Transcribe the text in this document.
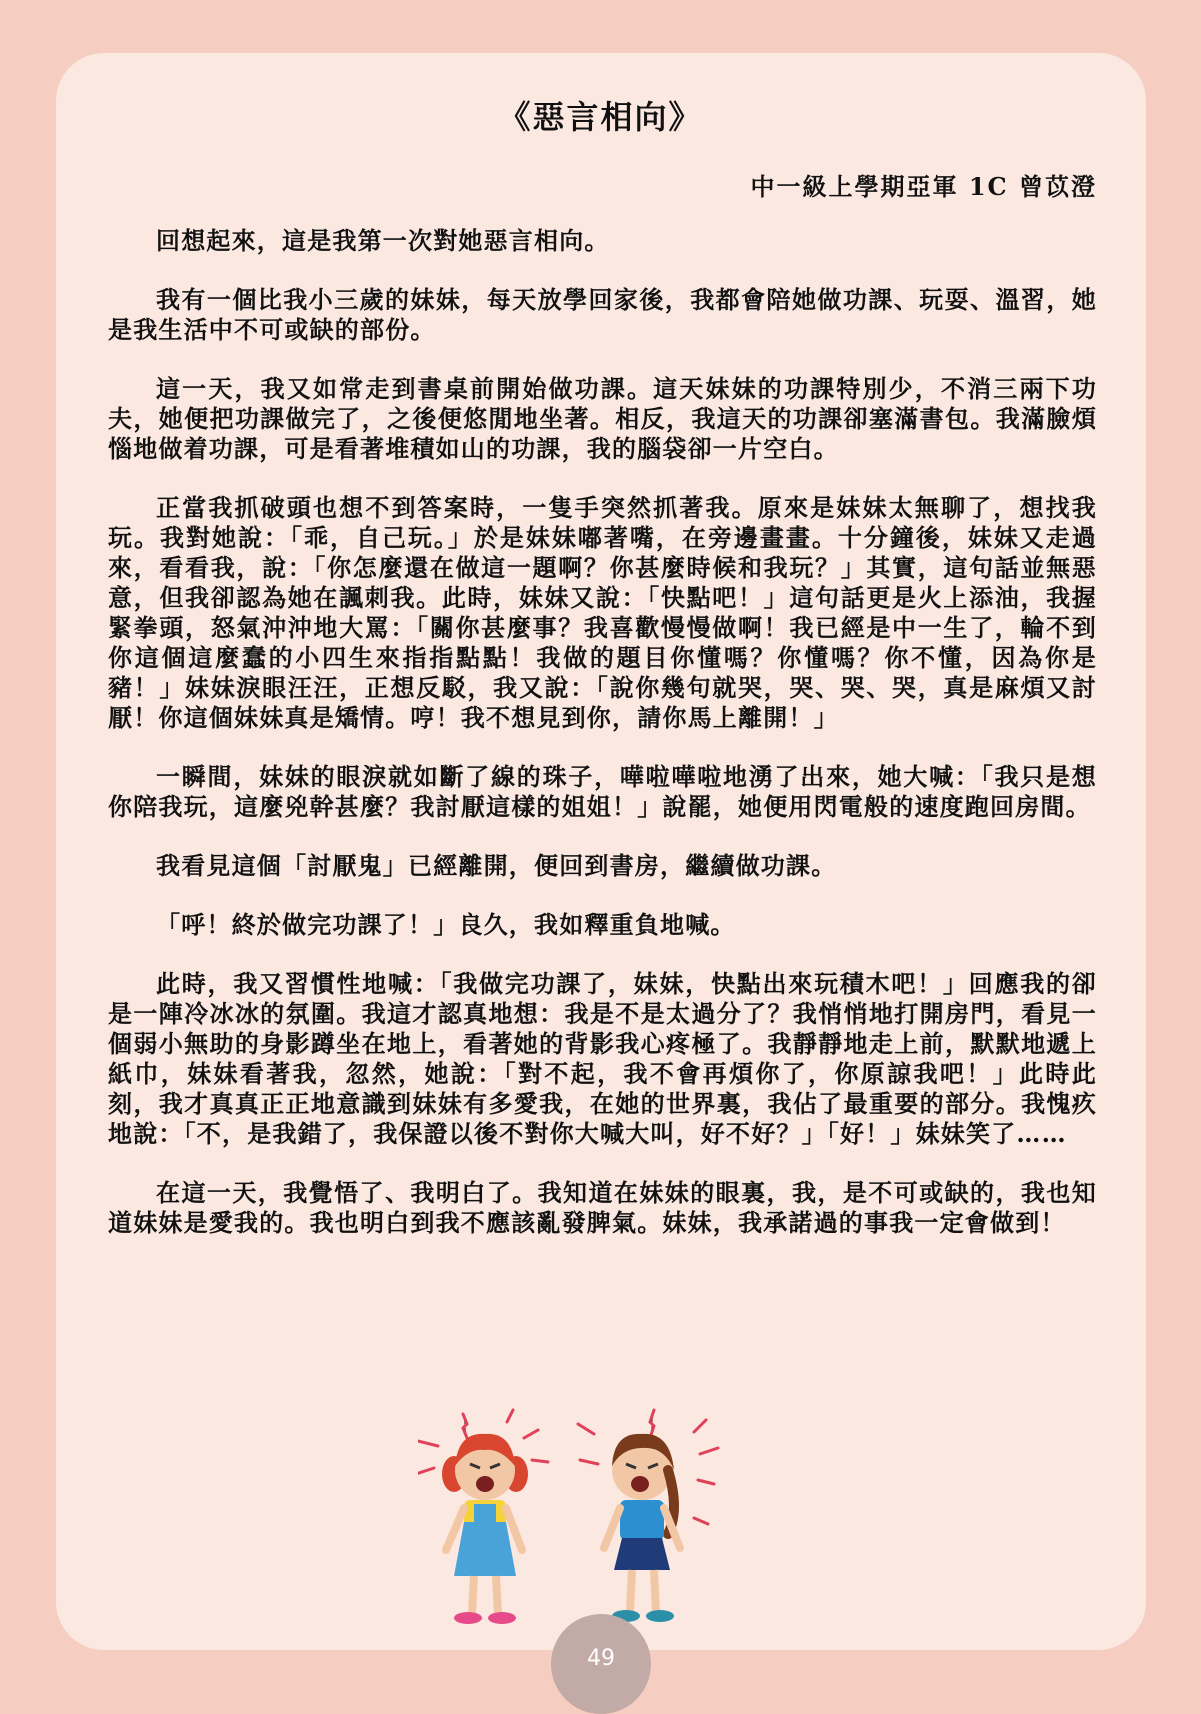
《惡言相向》

中一級上學期亞軍 1C 曾苡澄

回想起來，這是我第一次對她惡言相向。

我有一個比我小三歲的妹妹，每天放學回家後，我都會陪她做功課、玩耍、溫習，她是我生活中不可或缺的部份。

這一天，我又如常走到書桌前開始做功課。這天妹妹的功課特別少，不消三兩下功夫，她便把功課做完了，之後便悠閒地坐著。相反，我這天的功課卻塞滿書包。我滿臉煩惱地做着功課，可是看著堆積如山的功課，我的腦袋卻一片空白。

正當我抓破頭也想不到答案時，一隻手突然抓著我。原來是妹妹太無聊了，想找我玩。我對她說：「乖，自己玩。」於是妹妹嘟著嘴，在旁邊畫畫。十分鐘後，妹妹又走過來，看看我，說：「你怎麼還在做這一題啊？你甚麼時候和我玩？」其實，這句話並無惡意，但我卻認為她在諷刺我。此時，妹妹又說：「快點吧！」這句話更是火上添油，我握緊拳頭，怒氣沖沖地大罵：「關你甚麼事？我喜歡慢慢做啊！我已經是中一生了，輪不到你這個這麼蠢的小四生來指指點點！我做的題目你懂嗎？你懂嗎？你不懂，因為你是豬！」妹妹淚眼汪汪，正想反駁，我又說：「說你幾句就哭，哭、哭、哭，真是麻煩又討厭！你這個妹妹真是矯情。哼！我不想見到你，請你馬上離開！」

一瞬間，妹妹的眼淚就如斷了線的珠子，嘩啦嘩啦地湧了出來，她大喊：「我只是想你陪我玩，這麼兇幹甚麼？我討厭這樣的姐姐！」說罷，她便用閃電般的速度跑回房間。

我看見這個「討厭鬼」已經離開，便回到書房，繼續做功課。

「呼！終於做完功課了！」良久，我如釋重負地喊。

此時，我又習慣性地喊：「我做完功課了，妹妹，快點出來玩積木吧！」回應我的卻是一陣冷冰冰的氛圍。我這才認真地想：我是不是太過分了？我悄悄地打開房門，看見一個弱小無助的身影蹲坐在地上，看著她的背影我心疼極了。我靜靜地走上前，默默地遞上紙巾，妹妹看著我，忽然，她說：「對不起，我不會再煩你了，你原諒我吧！」此時此刻，我才真真正正地意識到妹妹有多愛我，在她的世界裏，我佔了最重要的部分。我愧疚地說：「不，是我錯了，我保證以後不對你大喊大叫，好不好？」「好！」妹妹笑了……

在這一天，我覺悟了、我明白了。我知道在妹妹的眼裏，我，是不可或缺的，我也知道妹妹是愛我的。我也明白到我不應該亂發脾氣。妹妹，我承諾過的事我一定會做到！

49
